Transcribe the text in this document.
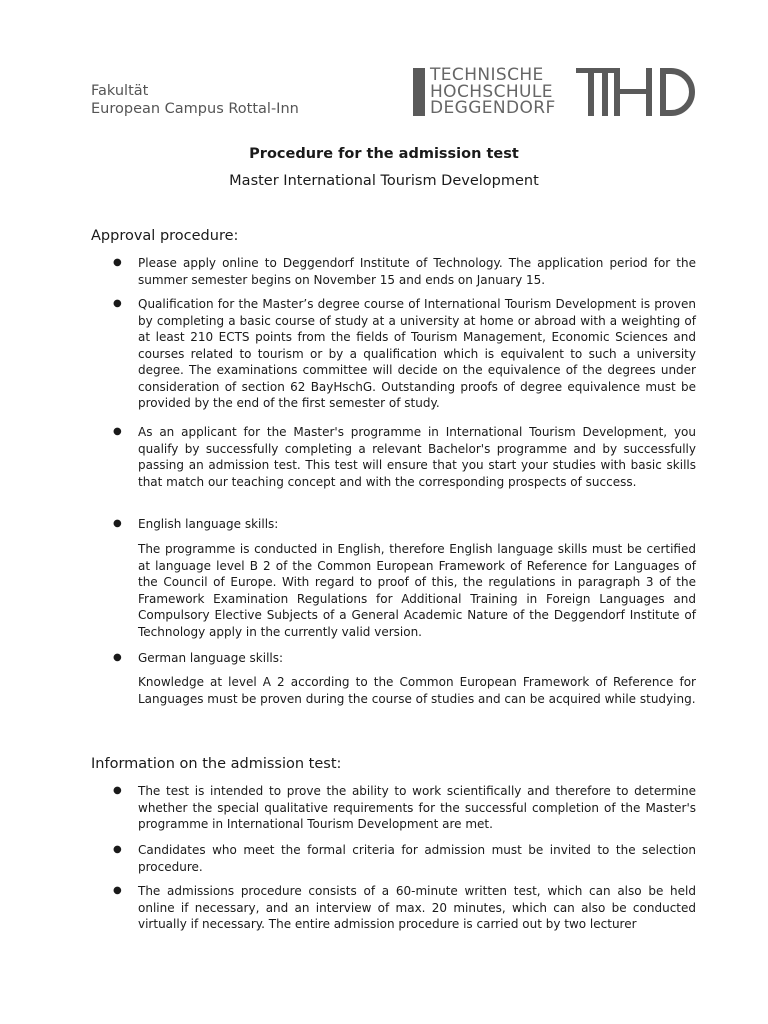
Fakultät
European Campus Rottal-Inn
TECHNISCHE
HOCHSCHULE
DEGGENDORF
Procedure for the admission test
Master International Tourism Development
Approval procedure:
● Please apply online to Deggendorf Institute of Technology. The application period for the summer semester begins on November 15 and ends on January 15.
● Qualification for the Master’s degree course of International Tourism Development is proven by completing a basic course of study at a university at home or abroad with a weighting of at least 210 ECTS points from the fields of Tourism Management, Economic Sciences and courses related to tourism or by a qualification which is equivalent to such a university degree. The examinations committee will decide on the equivalence of the degrees under consideration of section 62 BayHschG. Outstanding proofs of degree equivalence must be provided by the end of the first semester of study.
● As an applicant for the Master's programme in International Tourism Development, you qualify by successfully completing a relevant Bachelor's programme and by successfully passing an admission test. This test will ensure that you start your studies with basic skills that match our teaching concept and with the corresponding prospects of success.
● English language skills:
The programme is conducted in English, therefore English language skills must be certified at language level B 2 of the Common European Framework of Reference for Languages of the Council of Europe. With regard to proof of this, the regulations in paragraph 3 of the Framework Examination Regulations for Additional Training in Foreign Languages and Compulsory Elective Subjects of a General Academic Nature of the Deggendorf Institute of Technology apply in the currently valid version.
● German language skills:
Knowledge at level A 2 according to the Common European Framework of Reference for Languages must be proven during the course of studies and can be acquired while studying.
Information on the admission test:
● The test is intended to prove the ability to work scientifically and therefore to determine whether the special qualitative requirements for the successful completion of the Master's programme in International Tourism Development are met.
● Candidates who meet the formal criteria for admission must be invited to the selection procedure.
● The admissions procedure consists of a 60-minute written test, which can also be held online if necessary, and an interview of max. 20 minutes, which can also be conducted virtually if necessary. The entire admission procedure is carried out by two lecturer
